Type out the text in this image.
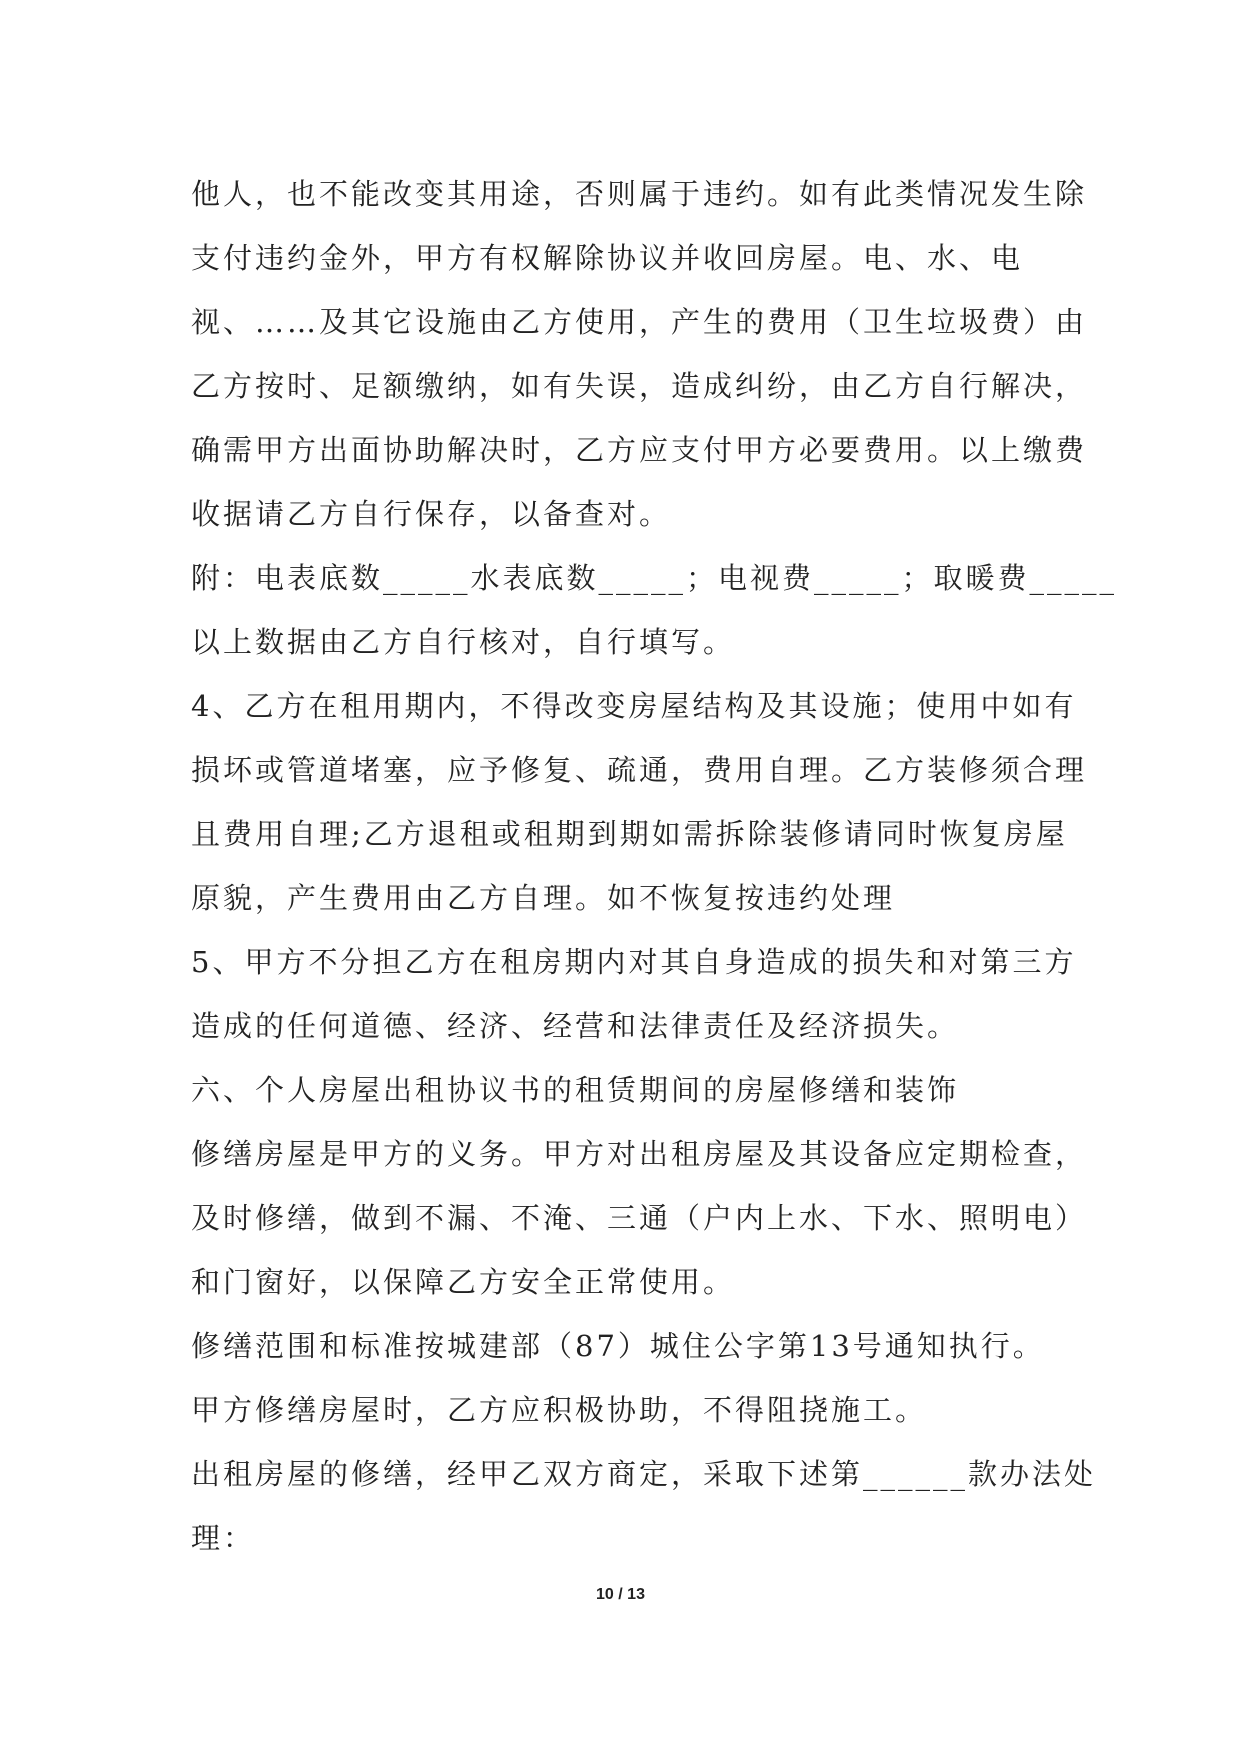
他人，也不能改变其用途，否则属于违约。如有此类情况发生除
支付违约金外，甲方有权解除协议并收回房屋。电、水、电
视、……及其它设施由乙方使用，产生的费用（卫生垃圾费）由
乙方按时、足额缴纳，如有失误，造成纠纷，由乙方自行解决，
确需甲方出面协助解决时，乙方应支付甲方必要费用。以上缴费
收据请乙方自行保存，以备查对。
附：电表底数_____水表底数_____；电视费_____；取暖费_____
以上数据由乙方自行核对，自行填写。
4、乙方在租用期内，不得改变房屋结构及其设施；使用中如有
损坏或管道堵塞，应予修复、疏通，费用自理。乙方装修须合理
且费用自理;乙方退租或租期到期如需拆除装修请同时恢复房屋
原貌，产生费用由乙方自理。如不恢复按违约处理
5、甲方不分担乙方在租房期内对其自身造成的损失和对第三方
造成的任何道德、经济、经营和法律责任及经济损失。
六、个人房屋出租协议书的租赁期间的房屋修缮和装饰
修缮房屋是甲方的义务。甲方对出租房屋及其设备应定期检查，
及时修缮，做到不漏、不淹、三通（户内上水、下水、照明电）
和门窗好，以保障乙方安全正常使用。
修缮范围和标准按城建部（87）城住公字第13号通知执行。
甲方修缮房屋时，乙方应积极协助，不得阻挠施工。
出租房屋的修缮，经甲乙双方商定，采取下述第______款办法处
理：
10 / 13
